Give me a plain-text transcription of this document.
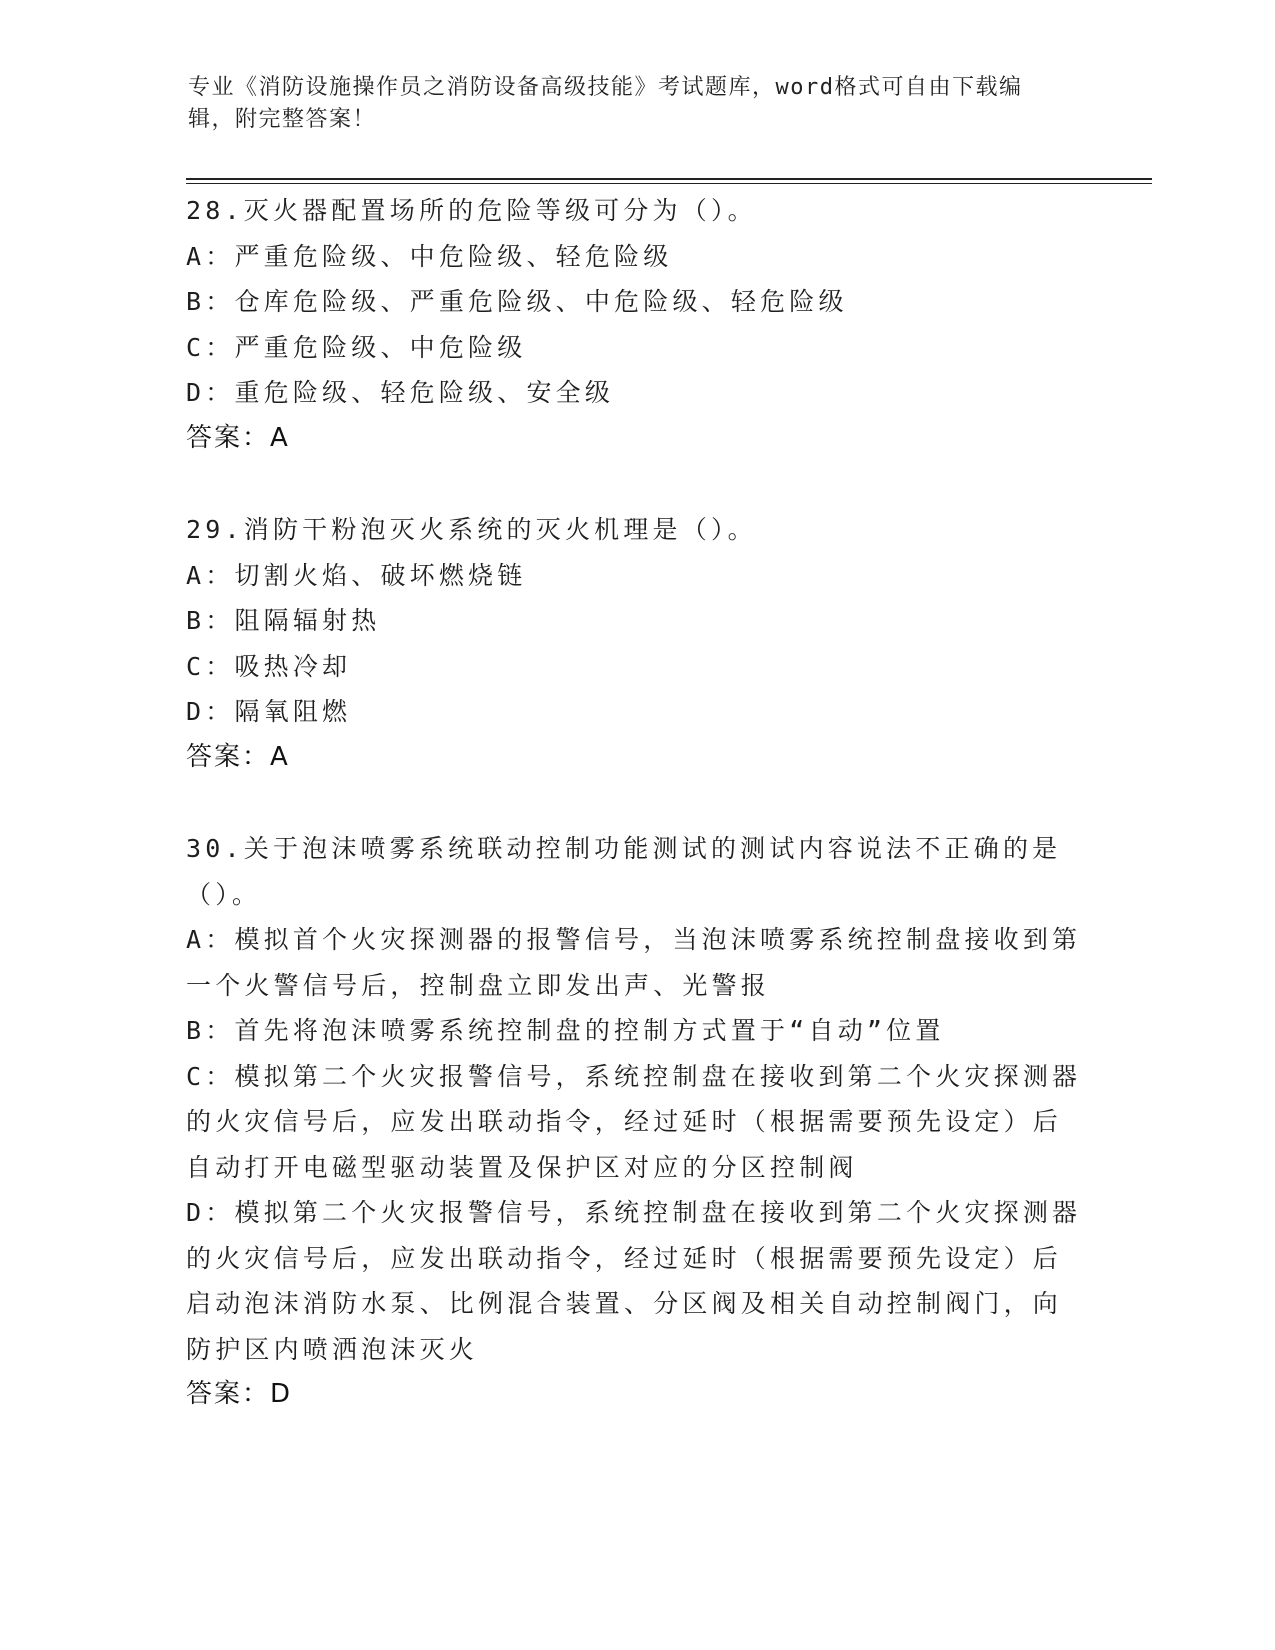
专业《消防设施操作员之消防设备高级技能》考试题库，word格式可自由下载编辑，附完整答案！
28.灭火器配置场所的危险等级可分为（）。
A：严重危险级、中危险级、轻危险级
B：仓库危险级、严重危险级、中危险级、轻危险级
C：严重危险级、中危险级
D：重危险级、轻危险级、安全级
答案：A
29.消防干粉泡灭火系统的灭火机理是（）。
A：切割火焰、破坏燃烧链
B：阻隔辐射热
C：吸热冷却
D：隔氧阻燃
答案：A
30.关于泡沫喷雾系统联动控制功能测试的测试内容说法不正确的是（）。
A：模拟首个火灾探测器的报警信号，当泡沫喷雾系统控制盘接收到第一个火警信号后，控制盘立即发出声、光警报
B：首先将泡沫喷雾系统控制盘的控制方式置于“自动”位置
C：模拟第二个火灾报警信号，系统控制盘在接收到第二个火灾探测器的火灾信号后，应发出联动指令，经过延时（根据需要预先设定）后自动打开电磁型驱动装置及保护区对应的分区控制阀
D：模拟第二个火灾报警信号，系统控制盘在接收到第二个火灾探测器的火灾信号后，应发出联动指令，经过延时（根据需要预先设定）后启动泡沫消防水泵、比例混合装置、分区阀及相关自动控制阀门，向防护区内喷洒泡沫灭火
答案：D
